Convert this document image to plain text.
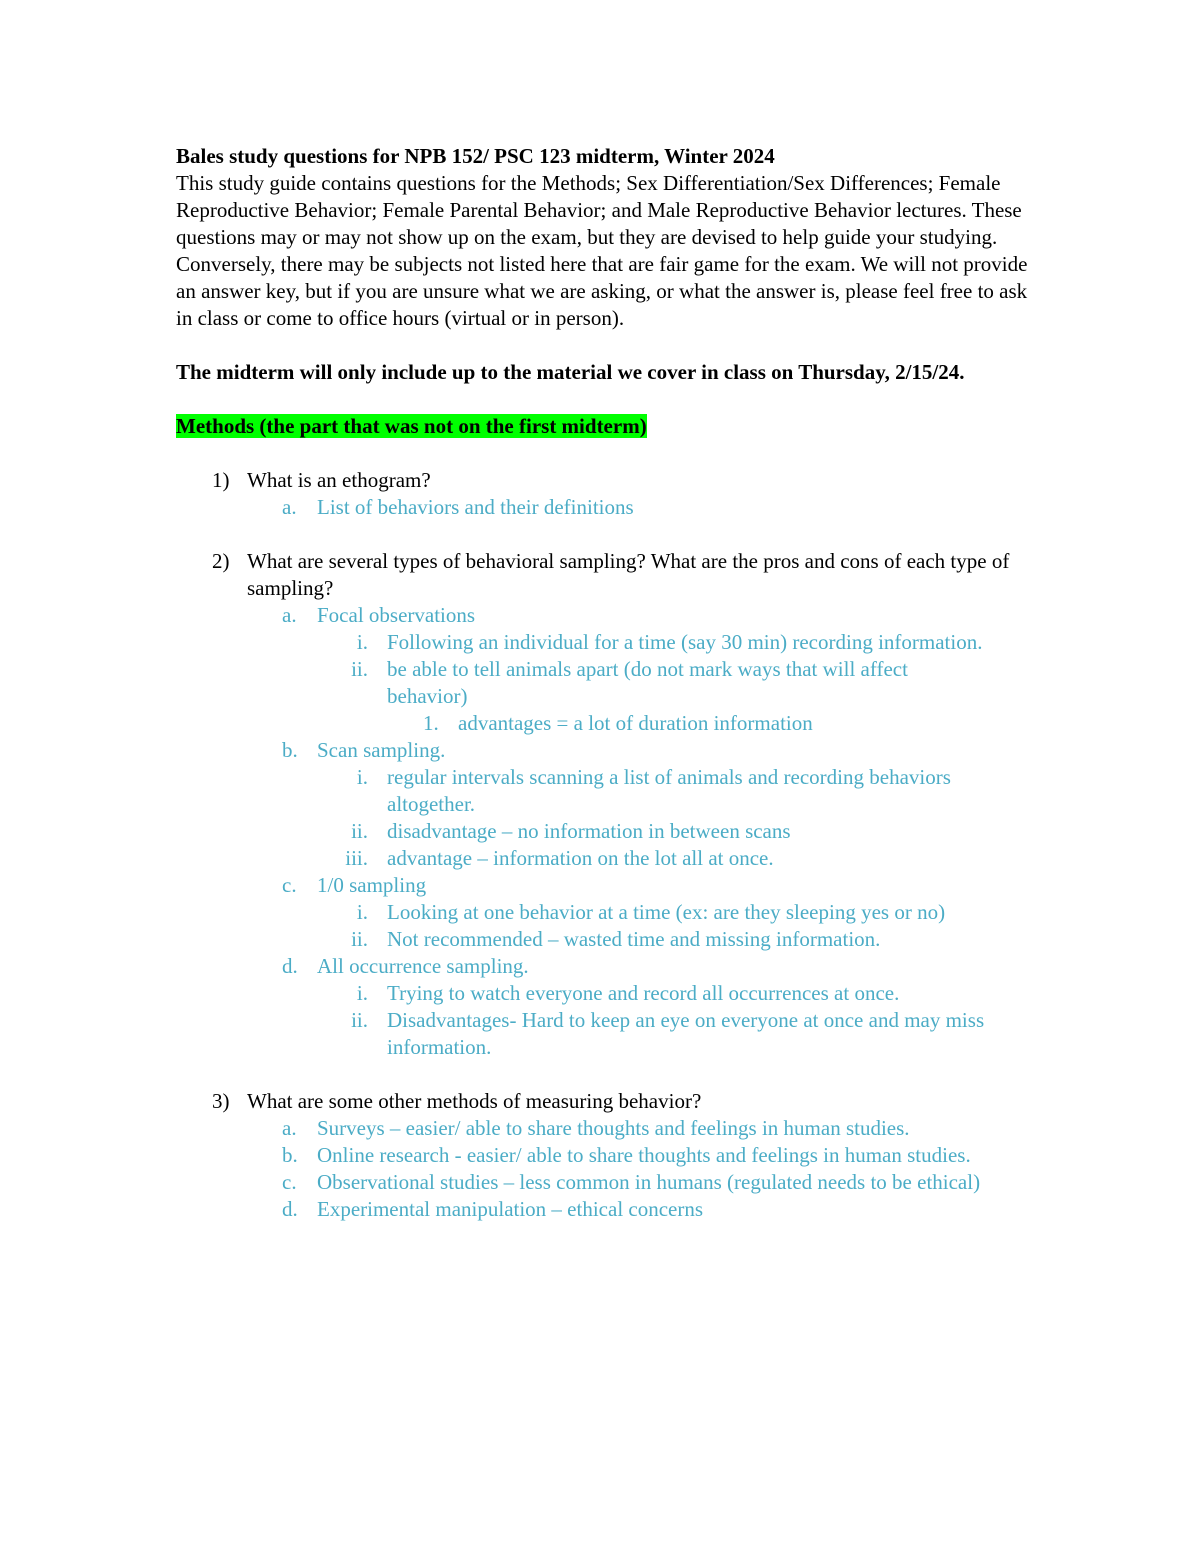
Bales study questions for NPB 152/ PSC 123 midterm, Winter 2024
This study guide contains questions for the Methods; Sex Differentiation/Sex Differences; Female Reproductive Behavior; Female Parental Behavior; and Male Reproductive Behavior lectures. These questions may or may not show up on the exam, but they are devised to help guide your studying. Conversely, there may be subjects not listed here that are fair game for the exam. We will not provide an answer key, but if you are unsure what we are asking, or what the answer is, please feel free to ask in class or come to office hours (virtual or in person).
The midterm will only include up to the material we cover in class on Thursday, 2/15/24.
Methods (the part that was not on the first midterm)
1) What is an ethogram?
a. List of behaviors and their definitions
2) What are several types of behavioral sampling? What are the pros and cons of each type of sampling?
a. Focal observations
i. Following an individual for a time (say 30 min) recording information.
ii. be able to tell animals apart (do not mark ways that will affect behavior)
1. advantages = a lot of duration information
b. Scan sampling.
i. regular intervals scanning a list of animals and recording behaviors altogether.
ii. disadvantage – no information in between scans
iii. advantage – information on the lot all at once.
c. 1/0 sampling
i. Looking at one behavior at a time (ex: are they sleeping yes or no)
ii. Not recommended – wasted time and missing information.
d. All occurrence sampling.
i. Trying to watch everyone and record all occurrences at once.
ii. Disadvantages- Hard to keep an eye on everyone at once and may miss information.
3) What are some other methods of measuring behavior?
a. Surveys – easier/ able to share thoughts and feelings in human studies.
b. Online research - easier/ able to share thoughts and feelings in human studies.
c. Observational studies – less common in humans (regulated needs to be ethical)
d. Experimental manipulation – ethical concerns
